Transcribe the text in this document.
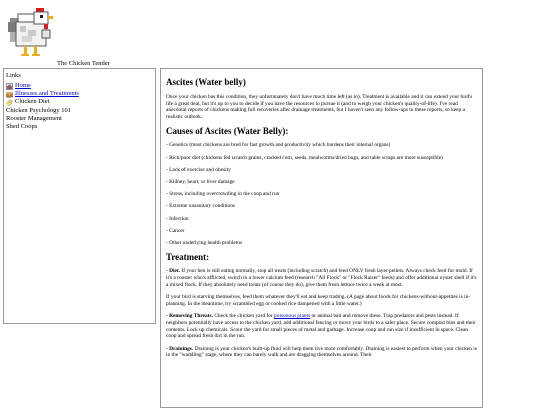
The Chicken Tender
Links
Home
Illnesses and Treatments
Chicken Diet
Chicken Psychology 101
Rooster Management
Shed Coops
Ascites (Water belly)

Once your chicken has this condition, they unfortunately don't have much time left (as in). Treatment is available and it can extend your bird's life a great deal, but it's up to you to decide if you have the resources to pursue it (and to weigh your chicken's quality-of-life). I've read anecdotal reports of chickens making full recoveries after drainage treatments, but I haven't seen any follow-ups to these reports, so keep a realistic outlook.

Causes of Ascites (Water Belly):

- Genetics (most chickens are bred for fast growth and productivity which burdens their internal organs)

- Rich/poor diet (chickens fed scratch grains, cracked corn, seeds, mealworms/dried bugs, and table scraps are more susceptible)

- Lack of exercise and obesity

- Kidney, heart, or liver damage

- Stress, including overcrowding in the coop and run

- Extreme unsanitary conditions

- Infection

- Cancer

- Other underlying health problems

Treatment:

- Diet. If your hen is still eating normally, stop all treats (including scratch) and feed ONLY fresh layer pellets. Always check feed for mold. If it's a rooster who's afflicted, switch to a lower calcium feed (research "All Flock" or "Flock Raiser" feeds) and offer additional oyster shell if it's a mixed flock. If they absolutely need treats (of course they do), give them fresh lettuce twice a week at most.

If your bird is starving themselves, feed them whatever they'll eat and keep trading. (A page about foods for chickens-without-appetites is in-planning. In the meantime, try scrambled egg or cooked rice dampened with a little water.)

- Removing Threats. Check the chicken yard for poisonous plants or animal bait and remove these. Trap predators and pests instead. If neighbors potentially have access to the chicken yard, add additional fencing or move your birds to a safer place. Secure compost bins and their contents. Lock up chemicals. Scour the yard for small pieces of metal and garbage. Increase coop and run size if insufficient in space. Clean coop and spread fresh dirt in the run.

- Drainings. Draining is your chicken's built-up fluid will help them live more comfortably. Draining is easiest to perform when your chicken is in the "waddling" stage, where they can barely walk and are dragging themselves around. Their
